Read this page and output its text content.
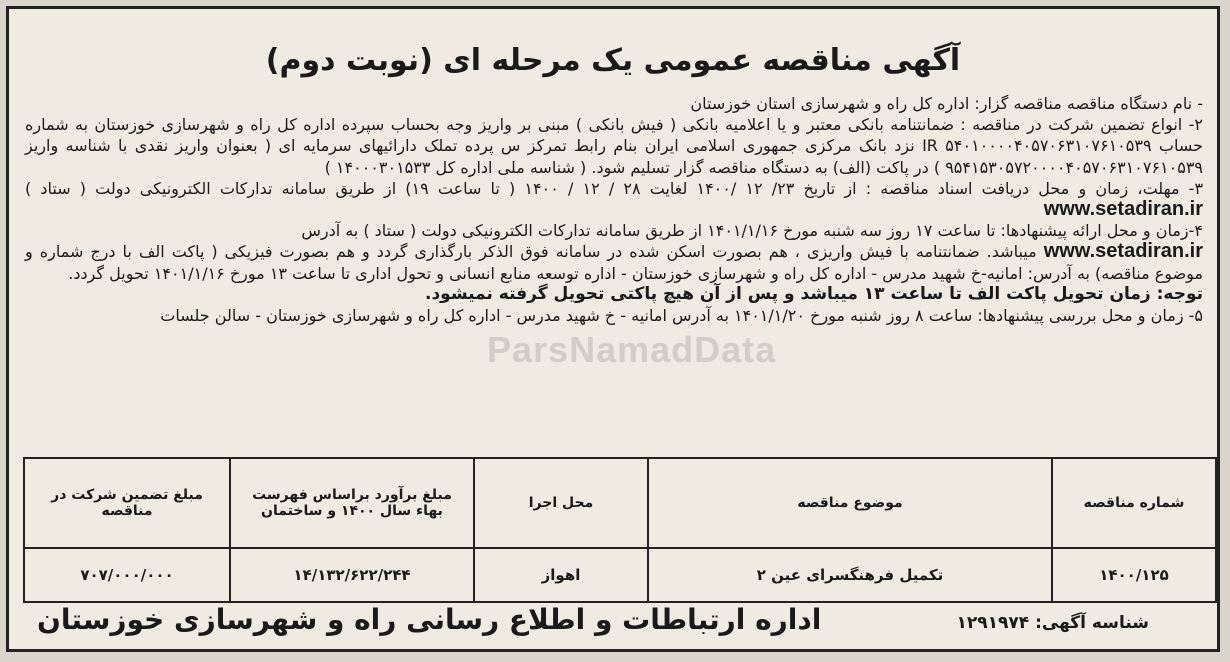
آگهی مناقصه عمومی یک مرحله ای (نوبت دوم)
ParsNamadData

- نام دستگاه مناقصه مناقصه گزار: اداره کل راه و شهرسازی استان خوزستان

۲- انواع تضمین شرکت در مناقصه : ضمانتنامه بانکی معتبر و یا اعلامیه بانکی ( فیش بانکی ) مبنی بر واریز وجه بحساب سپرده اداره کل راه و شهرسازی خوزستان به شماره حساب ۵۴۰۱۰۰۰۰۴۰۵۷۰۶۳۱۰۷۶۱۰۵۳۹ IR نزد بانک مرکزی جمهوری اسلامی ایران بنام رابط تمرکز س پرده تملک دارائیهای سرمایه ای ( بعنوان واریز نقدی با شناسه واریز ۹۵۴۱۵۳۰۵۷۲۰۰۰۰۴۰۵۷۰۶۳۱۰۷۶۱۰۵۳۹ ) در پاکت (الف) به دستگاه مناقصه گزار تسلیم شود. ( شناسه ملی اداره کل ۱۴۰۰۰۳۰۱۵۳۳ )

۳- مهلت، زمان و محل دریافت اسناد مناقصه : از تاریخ ۲۳/ ۱۲ /۱۴۰۰ لغایت ۲۸ / ۱۲ / ۱۴۰۰ ( تا ساعت ۱۹) از طریق سامانه تدارکات الکترونیکی دولت ( ستاد ) www.setadiran.ir

۴-زمان و محل ارائه پیشنهادها: تا ساعت ۱۷ روز سه شنبه مورخ ۱۴۰۱/۱/۱۶ از طریق سامانه تدارکات الکترونیکی دولت ( ستاد ) به آدرس

www.setadiran.ir میباشد. ضمانتنامه با فیش واریزی ، هم بصورت اسکن شده در سامانه فوق الذکر بارگذاری گردد و هم بصورت فیزیکی ( پاکت الف با درج شماره و موضوع مناقصه) به آدرس: امانیه-خ شهید مدرس - اداره کل راه و شهرسازی خوزستان - اداره توسعه منابع انسانی و تحول اداری تا ساعت ۱۳ مورخ ۱۴۰۱/۱/۱۶ تحویل گردد.

توجه: زمان تحویل پاکت الف تا ساعت ۱۳ میباشد و پس از آن هیچ پاکتی تحویل گرفته نمیشود.

۵- زمان و محل بررسی پیشنهادها: ساعت ۸ روز شنبه مورخ ۱۴۰۱/۱/۲۰ به آدرس امانیه - خ شهید مدرس - اداره کل راه و شهرسازی خوزستان - سالن جلسات

شماره مناقصه	موضوع مناقصه	محل اجرا	مبلغ برآورد براساس فهرست بهاء سال ۱۴۰۰ و ساختمان	مبلغ تضمین شرکت در مناقصه
۱۴۰۰/۱۲۵	تکمیل فرهنگسرای عین ۲	اهواز	۱۴/۱۳۲/۶۲۲/۲۴۴	۷۰۷/۰۰۰/۰۰۰
شناسه آگهی: ۱۲۹۱۹۷۴
اداره ارتباطات و اطلاع رسانی راه و شهرسازی خوزستان
